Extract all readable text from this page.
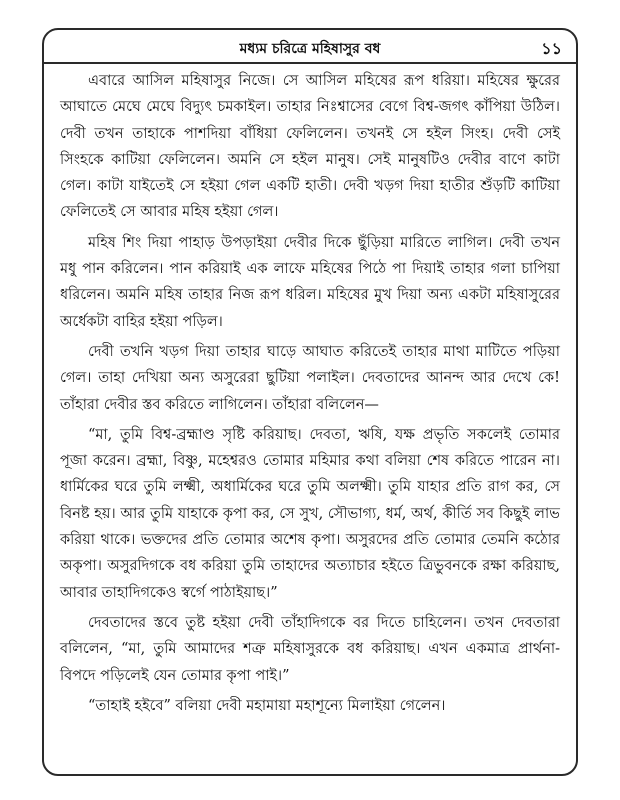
মধ্যম চরিত্রে মহিষাসুর বধ	১১

এবারে আসিল মহিষাসুর নিজে। সে আসিল মহিষের রূপ ধরিয়া। মহিষের ক্ষুরের আঘাতে মেঘে মেঘে বিদ্যুৎ চমকাইল। তাহার নিঃশ্বাসের বেগে বিশ্ব-জগৎ কাঁপিয়া উঠিল। দেবী তখন তাহাকে পাশদিয়া বাঁধিয়া ফেলিলেন। তখনই সে হইল সিংহ। দেবী সেই সিংহকে কাটিয়া ফেলিলেন। অমনি সে হইল মানুষ। সেই মানুষটিও দেবীর বাণে কাটা গেল। কাটা যাইতেই সে হইয়া গেল একটি হাতী। দেবী খড়গ দিয়া হাতীর শুঁড়টি কাটিয়া ফেলিতেই সে আবার মহিষ হইয়া গেল।

মহিষ শিং দিয়া পাহাড় উপড়াইয়া দেবীর দিকে ছুঁড়িয়া মারিতে লাগিল। দেবী তখন মধু পান করিলেন। পান করিয়াই এক লাফে মহিষের পিঠে পা দিয়াই তাহার গলা চাপিয়া ধরিলেন। অমনি মহিষ তাহার নিজ রূপ ধরিল। মহিষের মুখ দিয়া অন্য একটা মহিষাসুরের অর্ধেকটা বাহির হইয়া পড়িল।

দেবী তখনি খড়গ দিয়া তাহার ঘাড়ে আঘাত করিতেই তাহার মাথা মাটিতে পড়িয়া গেল। তাহা দেখিয়া অন্য অসুরেরা ছুটিয়া পলাইল। দেবতাদের আনন্দ আর দেখে কে! তাঁহারা দেবীর স্তব করিতে লাগিলেন। তাঁহারা বলিলেন—

“মা, তুমি বিশ্ব-ব্রহ্মাণ্ড সৃষ্টি করিয়াছ। দেবতা, ঋষি, যক্ষ প্রভৃতি সকলেই তোমার পূজা করেন। ব্রহ্মা, বিষ্ণু, মহেশ্বরও তোমার মহিমার কথা বলিয়া শেষ করিতে পারেন না। ধার্মিকের ঘরে তুমি লক্ষ্মী, অধার্মিকের ঘরে তুমি অলক্ষ্মী। তুমি যাহার প্রতি রাগ কর, সে বিনষ্ট হয়। আর তুমি যাহাকে কৃপা কর, সে সুখ, সৌভাগ্য, ধর্ম, অর্থ, কীর্তি সব কিছুই লাভ করিয়া থাকে। ভক্তদের প্রতি তোমার অশেষ কৃপা। অসুরদের প্রতি তোমার তেমনি কঠোর অকৃপা। অসুরদিগকে বধ করিয়া তুমি তাহাদের অত্যাচার হইতে ত্রিভুবনকে রক্ষা করিয়াছ, আবার তাহাদিগকেও স্বর্গে পাঠাইয়াছ।”

দেবতাদের স্তবে তুষ্ট হইয়া দেবী তাঁহাদিগকে বর দিতে চাহিলেন। তখন দেবতারা বলিলেন, “মা, তুমি আমাদের শত্রু মহিষাসুরকে বধ করিয়াছ। এখন একমাত্র প্রার্থনা-বিপদে পড়িলেই যেন তোমার কৃপা পাই।”

“তাহাই হইবে” বলিয়া দেবী মহামায়া মহাশূন্যে মিলাইয়া গেলেন।
